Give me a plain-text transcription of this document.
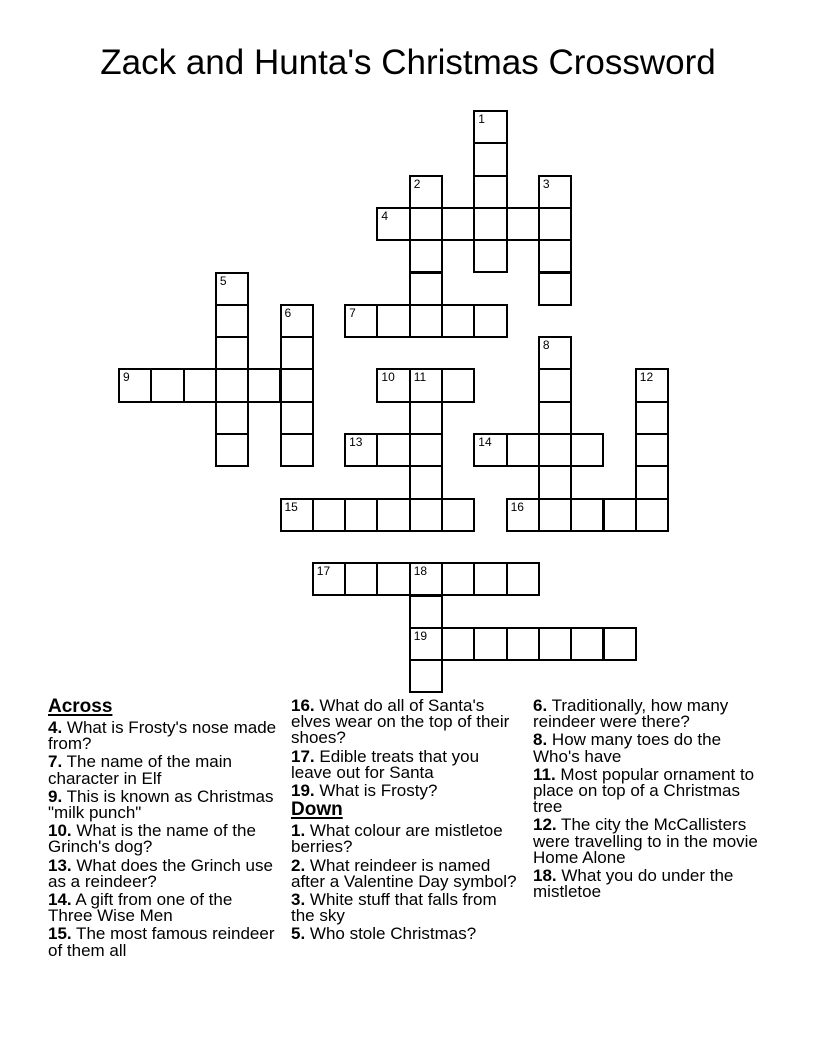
Zack and Hunta's Christmas Crossword
1
2	3
4
5
6	7
8
9	10 11	12
13	14
15	16
17	18
19
Across

4. What is Frosty's nose made from?

7. The name of the main character in Elf

9. This is known as Christmas "milk punch"

10. What is the name of the Grinch's dog?

13. What does the Grinch use as a reindeer?

14. A gift from one of the Three Wise Men

15. The most famous reindeer of them all

16. What do all of Santa's elves wear on the top of their shoes?

17. Edible treats that you leave out for Santa

19. What is Frosty?

Down

1. What colour are mistletoe berries?

2. What reindeer is named after a Valentine Day symbol?

3. White stuff that falls from the sky

5. Who stole Christmas?

6. Traditionally, how many reindeer were there?

8. How many toes do the Who's have

11. Most popular ornament to place on top of a Christmas tree

12. The city the McCallisters were travelling to in the movie Home Alone

18. What you do under the mistletoe
